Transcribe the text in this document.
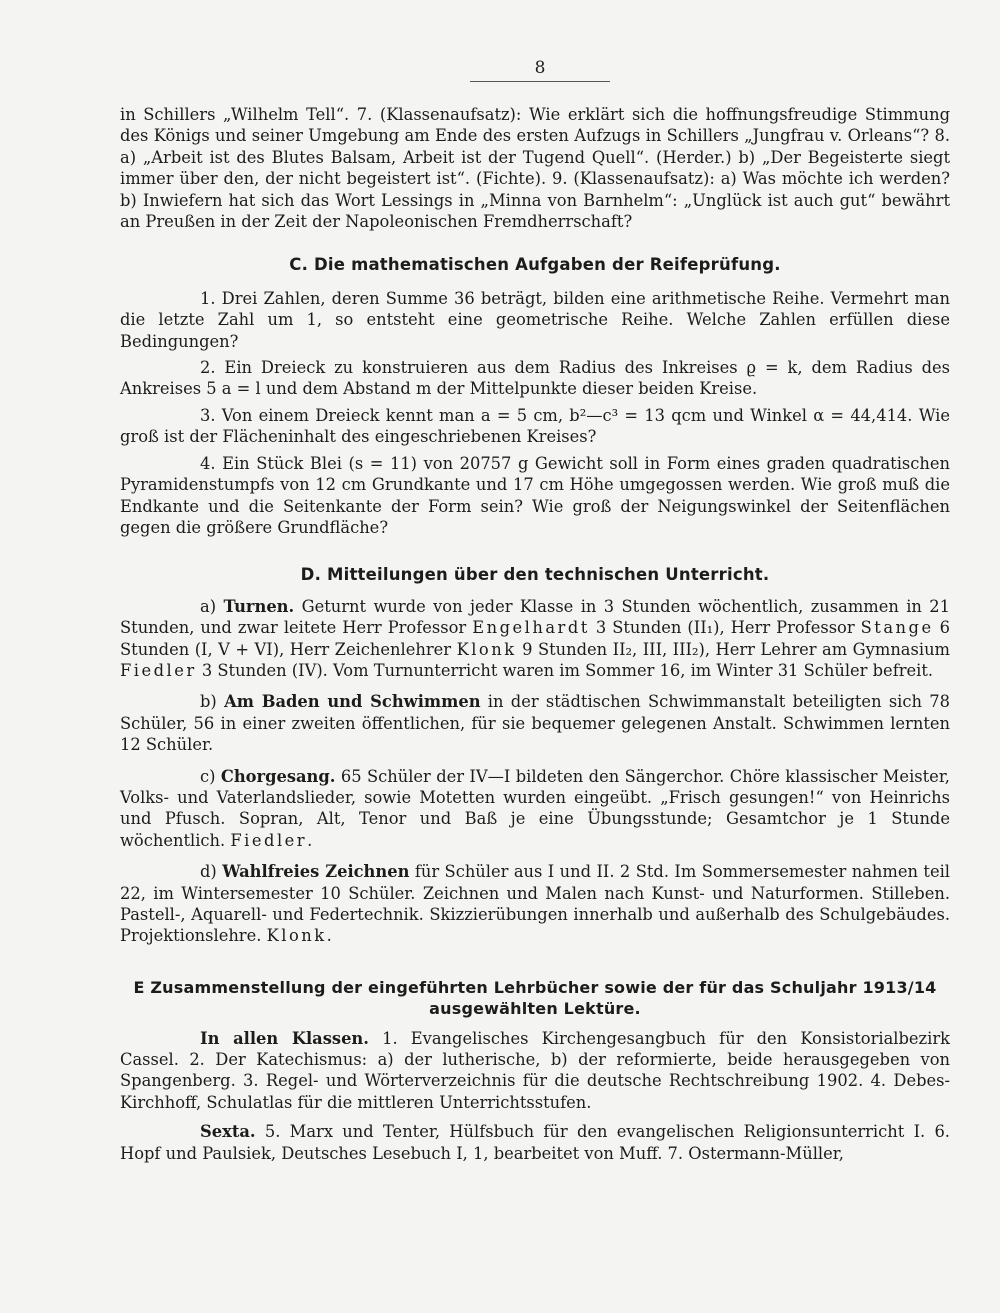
8

in Schillers „Wilhelm Tell“. 7. (Klassenaufsatz): Wie erklärt sich die hoffnungsfreudige Stimmung des Königs und seiner Umgebung am Ende des ersten Aufzugs in Schillers „Jungfrau v. Orleans“? 8. a) „Arbeit ist des Blutes Balsam, Arbeit ist der Tugend Quell“. (Herder.) b) „Der Begeisterte siegt immer über den, der nicht begeistert ist“. (Fichte). 9. (Klassenaufsatz): a) Was möchte ich werden? b) Inwiefern hat sich das Wort Lessings in „Minna von Barnhelm“: „Unglück ist auch gut“ bewährt an Preußen in der Zeit der Napoleonischen Fremdherrschaft?

C. Die mathematischen Aufgaben der Reifeprüfung.

1. Drei Zahlen, deren Summe 36 beträgt, bilden eine arithmetische Reihe. Vermehrt man die letzte Zahl um 1, so entsteht eine geometrische Reihe. Welche Zahlen erfüllen diese Bedingungen?

2. Ein Dreieck zu konstruieren aus dem Radius des Inkreises ϱ = k, dem Radius des Ankreises 5 a = l und dem Abstand m der Mittelpunkte dieser beiden Kreise.

3. Von einem Dreieck kennt man a = 5 cm, b²—c³ = 13 qcm und Winkel α = 44,414. Wie groß ist der Flächeninhalt des eingeschriebenen Kreises?

4. Ein Stück Blei (s = 11) von 20757 g Gewicht soll in Form eines graden quadratischen Pyramidenstumpfs von 12 cm Grundkante und 17 cm Höhe umgegossen werden. Wie groß muß die Endkante und die Seitenkante der Form sein? Wie groß der Neigungswinkel der Seitenflächen gegen die größere Grundfläche?

D. Mitteilungen über den technischen Unterricht.

a) Turnen. Geturnt wurde von jeder Klasse in 3 Stunden wöchentlich, zusammen in 21 Stunden, und zwar leitete Herr Professor Engelhardt 3 Stunden (II₁), Herr Professor Stange 6 Stunden (I, V + VI), Herr Zeichenlehrer Klonk 9 Stunden II₂, III, III₂), Herr Lehrer am Gymnasium Fiedler 3 Stunden (IV). Vom Turnunterricht waren im Sommer 16, im Winter 31 Schüler befreit.

b) Am Baden und Schwimmen in der städtischen Schwimmanstalt beteiligten sich 78 Schüler, 56 in einer zweiten öffentlichen, für sie bequemer gelegenen Anstalt. Schwimmen lernten 12 Schüler.

c) Chorgesang. 65 Schüler der IV—I bildeten den Sängerchor. Chöre klassischer Meister, Volks- und Vaterlandslieder, sowie Motetten wurden eingeübt. „Frisch gesungen!“ von Heinrichs und Pfusch. Sopran, Alt, Tenor und Baß je eine Übungsstunde; Gesamtchor je 1 Stunde wöchentlich. Fiedler.

d) Wahlfreies Zeichnen für Schüler aus I und II. 2 Std. Im Sommersemester nahmen teil 22, im Wintersemester 10 Schüler. Zeichnen und Malen nach Kunst- und Naturformen. Stilleben. Pastell-, Aquarell- und Federtechnik. Skizzierübungen innerhalb und außerhalb des Schulgebäudes. Projektionslehre. Klonk.

E Zusammenstellung der eingeführten Lehrbücher sowie der für das Schuljahr 1913/14

ausgewählten Lektüre.

In allen Klassen. 1. Evangelisches Kirchengesangbuch für den Konsistorialbezirk Cassel. 2. Der Katechismus: a) der lutherische, b) der reformierte, beide herausgegeben von Spangenberg. 3. Regel- und Wörterverzeichnis für die deutsche Rechtschreibung 1902. 4. Debes-Kirchhoff, Schulatlas für die mittleren Unterrichtsstufen.

Sexta. 5. Marx und Tenter, Hülfsbuch für den evangelischen Religionsunterricht I. 6. Hopf und Paulsiek, Deutsches Lesebuch I, 1, bearbeitet von Muff. 7. Ostermann-Müller,
